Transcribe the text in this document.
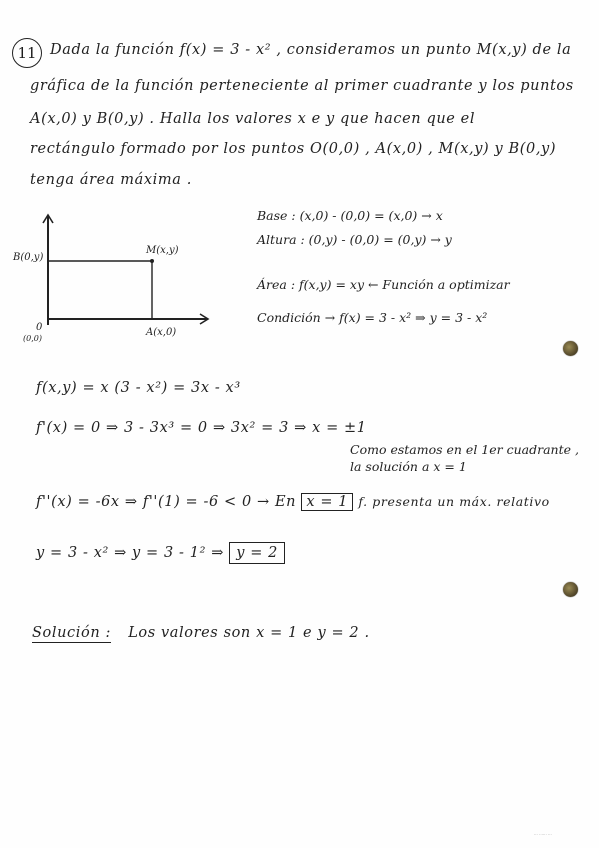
11 Dada la función f(x) = 3 - x² , consideramos un punto M(x,y) de la
gráfica de la función perteneciente al primer cuadrante y los puntos
A(x,0) y B(0,y) . Halla los valores x e y que hacen que el
rectángulo formado por los puntos O(0,0) , A(x,0) , M(x,y) y B(0,y)
tenga área máxima .
B(0,y)
M(x,y)
0
(0,0)
A(x,0)
Base : (x,0) - (0,0) = (x,0) → x
Altura : (0,y) - (0,0) = (0,y) → y
Área : f(x,y) = xy ← Función a optimizar
Condición → f(x) = 3 - x² ⇒ y = 3 - x²
f(x,y) = x (3 - x²) = 3x - x³
f'(x) = 0 ⇒ 3 - 3x³ = 0 ⇒ 3x² = 3 ⇒ x = ±1
Como estamos en el 1er cuadrante ,
la solución a x = 1
f''(x) = -6x ⇒ f''(1) = -6 < 0 → En x = 1 f. presenta un máx. relativo
y = 3 - x² ⇒ y = 3 - 1² ⇒ y = 2
Solución : Los valores son x = 1 e y = 2 .
··· ······ ···
